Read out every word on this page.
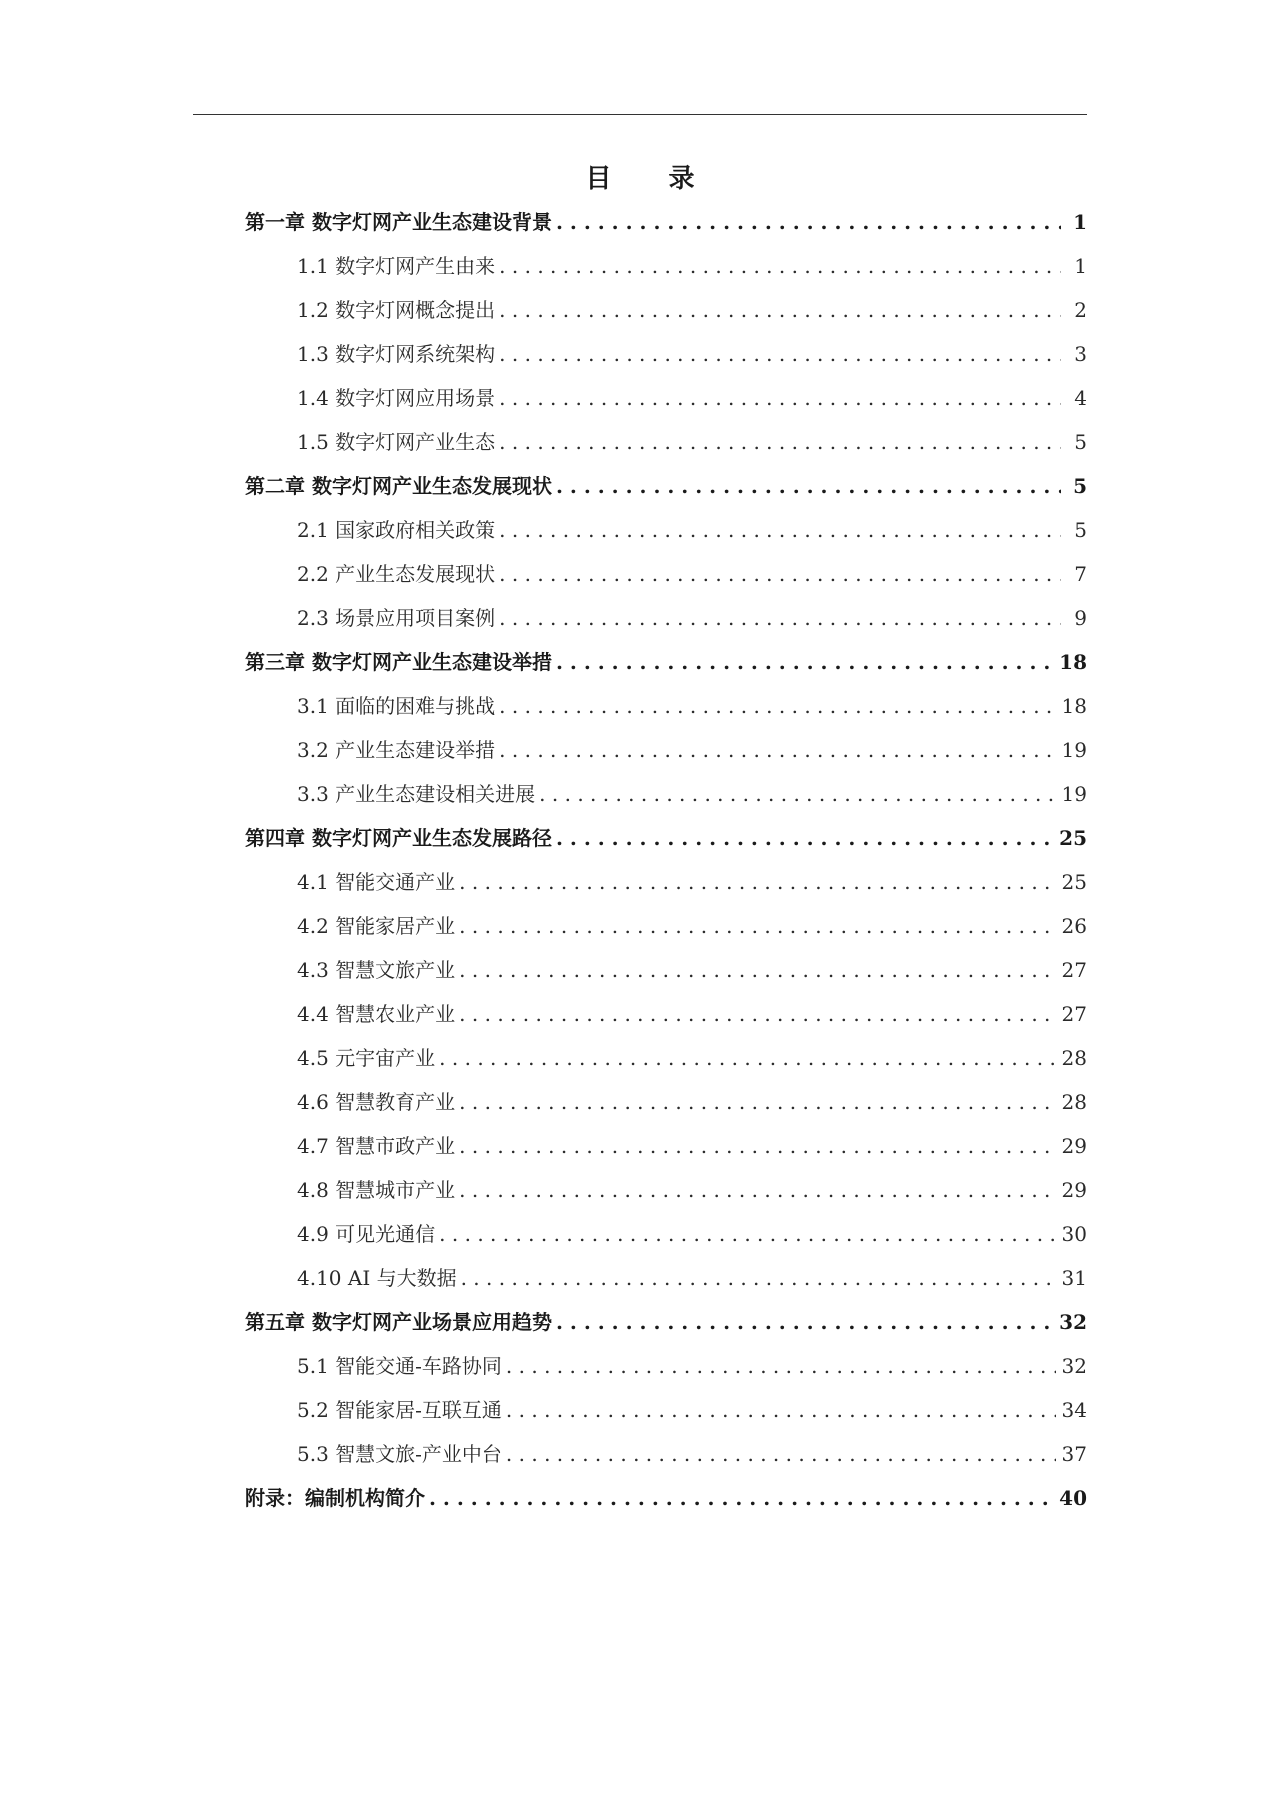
目 录
第一章 数字灯网产业生态建设背景 . . .	1
1.1 数字灯网产生由来 . . .	1
1.2 数字灯网概念提出 . . .	2
1.3 数字灯网系统架构 . . .	3
1.4 数字灯网应用场景 . . .	4
1.5 数字灯网产业生态 . . .	5
第二章 数字灯网产业生态发展现状 . . .	5
2.1 国家政府相关政策 . . .	5
2.2 产业生态发展现状 . . .	7
2.3 场景应用项目案例 . . .	9
第三章 数字灯网产业生态建设举措 . . .	18
3.1 面临的困难与挑战 . . .	18
3.2 产业生态建设举措 . . .	19
3.3 产业生态建设相关进展 . . .	19
第四章 数字灯网产业生态发展路径 . . .	25
4.1 智能交通产业 . . .	25
4.2 智能家居产业 . . .	26
4.3 智慧文旅产业 . . .	27
4.4 智慧农业产业 . . .	27
4.5 元宇宙产业 . . .	28
4.6 智慧教育产业 . . .	28
4.7 智慧市政产业 . . .	29
4.8 智慧城市产业 . . .	29
4.9 可见光通信 . . .	30
4.10 AI 与大数据 . . .	31
第五章 数字灯网产业场景应用趋势 . . .	32
5.1 智能交通-车路协同 . . .	32
5.2 智能家居-互联互通 . . .	34
5.3 智慧文旅-产业中台 . . .	37
附录：编制机构简介 . . .	40
